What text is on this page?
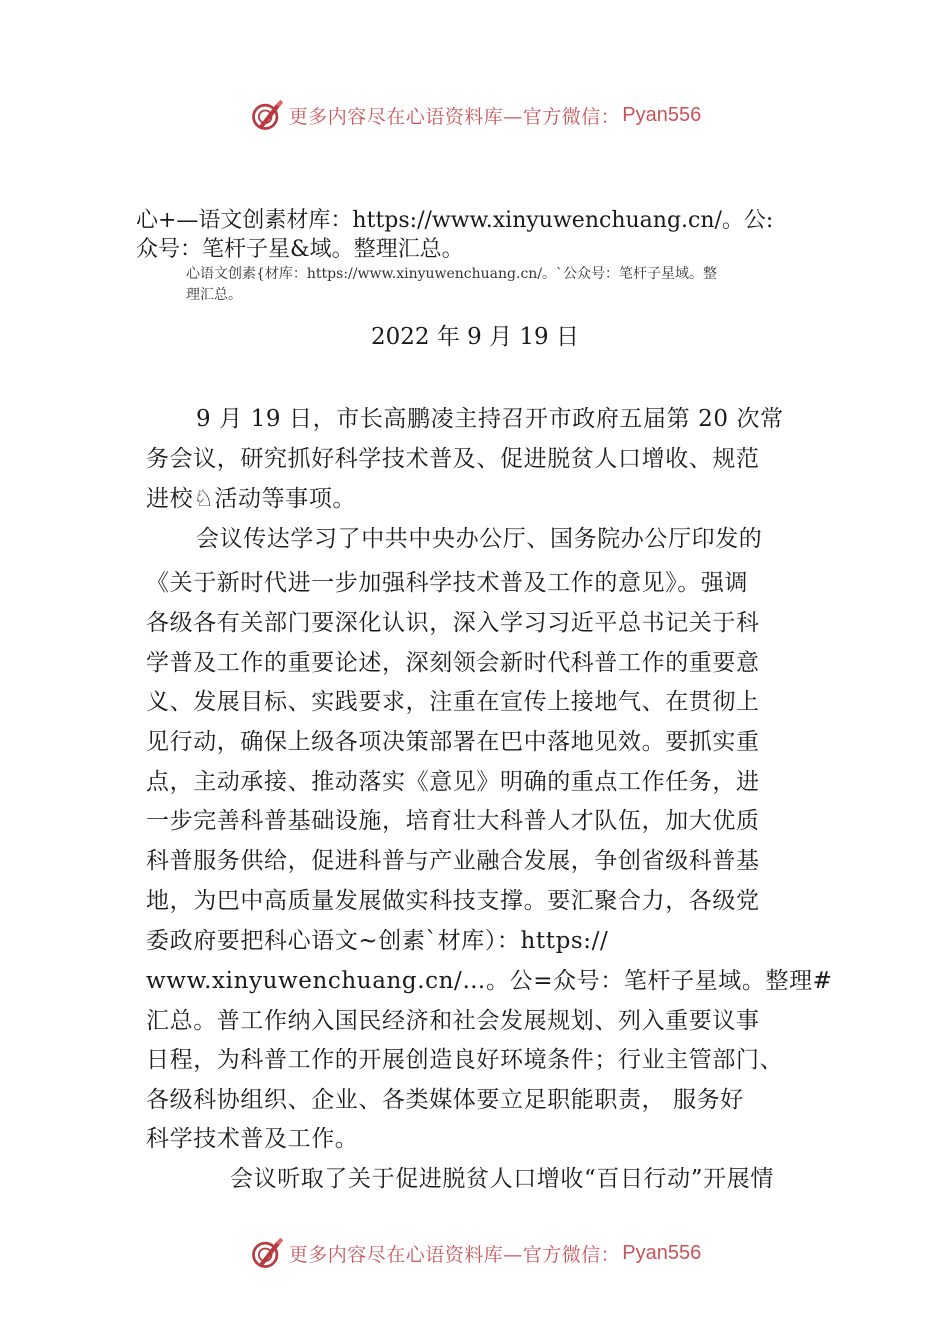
更多内容尽在心语资料库—官方微信： Pyan556
心+—语文创素材库：https://www.xinyuwenchuang.cn/。公:
众号：笔杆子星&域。整理汇总。
心语文创素{材库：https://www.xinyuwenchuang.cn/。`公众号：笔杆子星域。整
理汇总。
2022 年 9 月 19 日
9 月 19 日，市长高鹏凌主持召开市政府五届第 20 次常
务会议，研究抓好科学技术普及、促进脱贫人口增收、规范
进校♘活动等事项。
会议传达学习了中共中央办公厅、国务院办公厅印发的
《关于新时代进一步加强科学技术普及工作的意见》。强调
各级各有关部门要深化认识，深入学习习近平总书记关于科
学普及工作的重要论述，深刻领会新时代科普工作的重要意
义、发展目标、实践要求，注重在宣传上接地气、在贯彻上
见行动，确保上级各项决策部署在巴中落地见效。要抓实重
点，主动承接、推动落实《意见》明确的重点工作任务，进
一步完善科普基础设施，培育壮大科普人才队伍，加大优质
科普服务供给，促进科普与产业融合发展，争创省级科普基
地，为巴中高质量发展做实科技支撑。要汇聚合力，各级党
委政府要把科心语文~创素`材库）：https://
www.xinyuwenchuang.cn/…。公=众号：笔杆子星域。整理#
汇总。普工作纳入国民经济和社会发展规划、列入重要议事
日程，为科普工作的开展创造良好环境条件；行业主管部门、
各级科协组织、企业、各类媒体要立足职能职责， 服务好
科学技术普及工作。
会议听取了关于促进脱贫人口增收“百日行动”开展情
更多内容尽在心语资料库—官方微信： Pyan556
